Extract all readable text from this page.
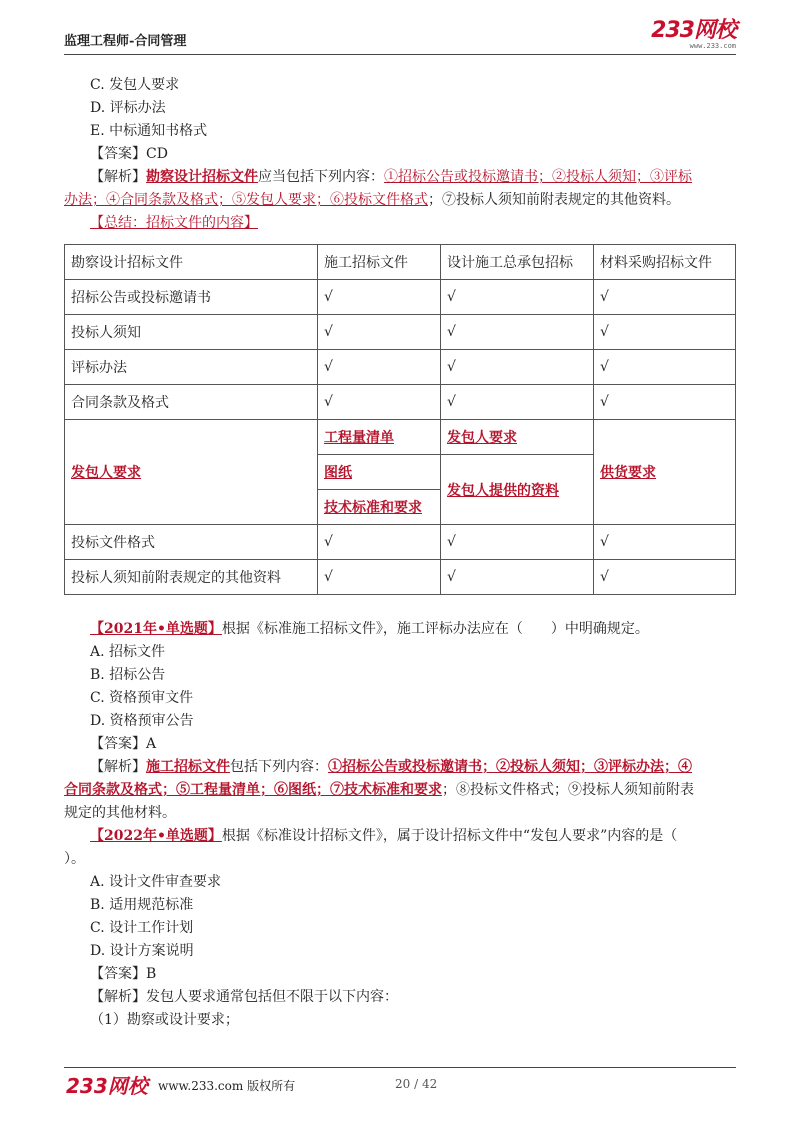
监理工程师-合同管理	233网校
www.233.com
C. 发包人要求
D. 评标办法
E. 中标通知书格式
【答案】CD
【解析】勘察设计招标文件应当包括下列内容：①招标公告或投标邀请书；②投标人须知；③评标
办法；④合同条款及格式；⑤发包人要求；⑥投标文件格式；⑦投标人须知前附表规定的其他资料。
【总结：招标文件的内容】
勘察设计招标文件	施工招标文件	设计施工总承包招标	材料采购招标文件
招标公告或投标邀请书	√	√	√
投标人须知	√	√	√
评标办法	√	√	√
合同条款及格式	√	√	√
发包人要求	工程量清单	发包人要求	供货要求
	图纸	发包人提供的资料	
	技术标准和要求		
投标文件格式	√	√	√
投标人须知前附表规定的其他资料	√	√	√
【2021年•单选题】根据《标准施工招标文件》，施工评标办法应在（　　）中明确规定。
A. 招标文件
B. 招标公告
C. 资格预审文件
D. 资格预审公告
【答案】A
【解析】施工招标文件包括下列内容：①招标公告或投标邀请书；②投标人须知；③评标办法；④
合同条款及格式；⑤工程量清单；⑥图纸；⑦技术标准和要求；⑧投标文件格式；⑨投标人须知前附表
规定的其他材料。
【2022年•单选题】根据《标准设计招标文件》，属于设计招标文件中“发包人要求”内容的是（
）。
A. 设计文件审查要求
B. 适用规范标准
C. 设计工作计划
D. 设计方案说明
【答案】B
【解析】发包人要求通常包括但不限于以下内容：
（1）勘察或设计要求；
233网校 www.233.com 版权所有	20 / 42
